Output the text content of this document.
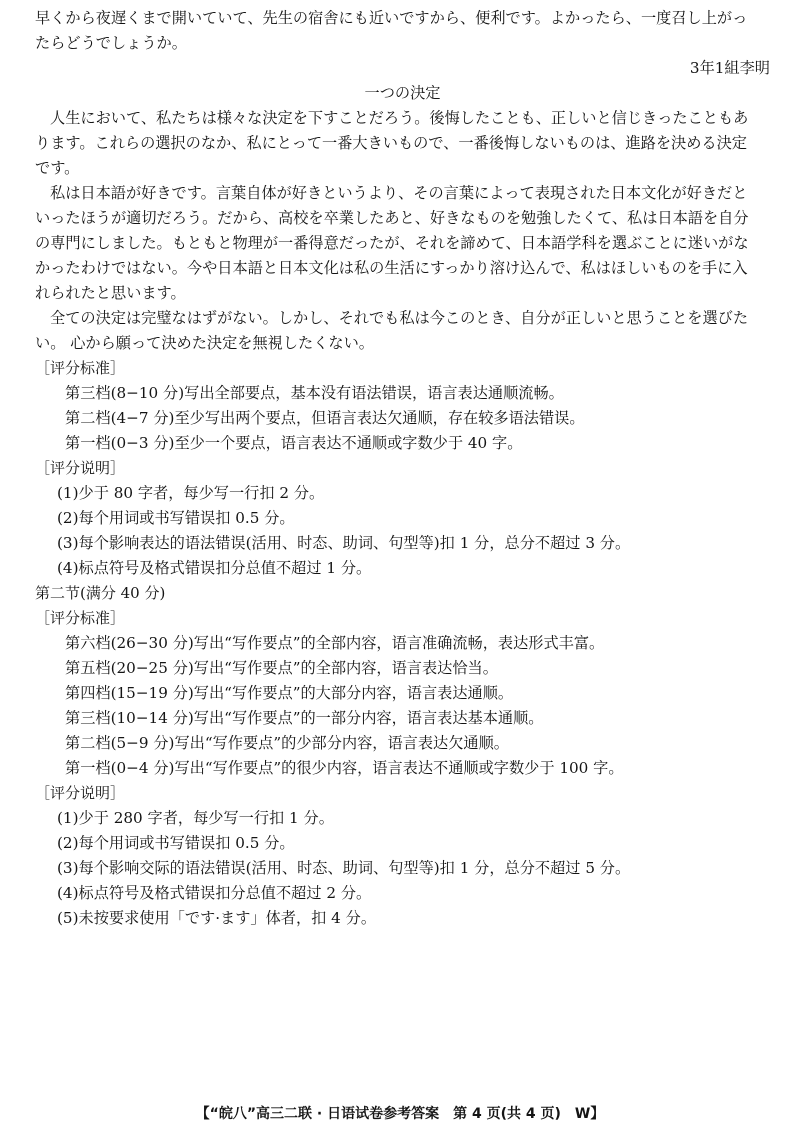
早くから夜遅くまで開いていて、先生の宿舎にも近いですから、便利です。よかったら、一度召し上がっ
たらどうでしょうか。
3年1組李明
一つの決定
人生において、私たちは様々な決定を下すことだろう。後悔したことも、正しいと信じきったこともあ
ります。これらの選択のなか、私にとって一番大きいもので、一番後悔しないものは、進路を決める決定
です。
私は日本語が好きです。言葉自体が好きというより、その言葉によって表現された日本文化が好きだと
いったほうが適切だろう。だから、高校を卒業したあと、好きなものを勉強したくて、私は日本語を自分
の専門にしました。もともと物理が一番得意だったが、それを諦めて、日本語学科を選ぶことに迷いがな
かったわけではない。今や日本語と日本文化は私の生活にすっかり溶け込んで、私はほしいものを手に入
れられたと思います。
全ての決定は完璧なはずがない。しかし、それでも私は今このとき、自分が正しいと思うことを選びた
い。 心から願って決めた決定を無視したくない。
［评分标准］
第三档(8−10 分)写出全部要点，基本没有语法错误，语言表达通顺流畅。
第二档(4−7 分)至少写出两个要点，但语言表达欠通顺，存在较多语法错误。
第一档(0−3 分)至少一个要点，语言表达不通顺或字数少于 40 字。
［评分说明］
(1)少于 80 字者，每少写一行扣 2 分。
(2)每个用词或书写错误扣 0.5 分。
(3)每个影响表达的语法错误(活用、时态、助词、句型等)扣 1 分，总分不超过 3 分。
(4)标点符号及格式错误扣分总值不超过 1 分。
第二节(满分 40 分)
［评分标准］
第六档(26−30 分)写出“写作要点”的全部内容，语言准确流畅，表达形式丰富。
第五档(20−25 分)写出“写作要点”的全部内容，语言表达恰当。
第四档(15−19 分)写出“写作要点”的大部分内容，语言表达通顺。
第三档(10−14 分)写出“写作要点”的一部分内容，语言表达基本通顺。
第二档(5−9 分)写出“写作要点”的少部分内容，语言表达欠通顺。
第一档(0−4 分)写出“写作要点”的很少内容，语言表达不通顺或字数少于 100 字。
［评分说明］
(1)少于 280 字者，每少写一行扣 1 分。
(2)每个用词或书写错误扣 0.5 分。
(3)每个影响交际的语法错误(活用、时态、助词、句型等)扣 1 分，总分不超过 5 分。
(4)标点符号及格式错误扣分总值不超过 2 分。
(5)未按要求使用「です·ます」体者，扣 4 分。
【“皖八”高三二联 · 日语试卷参考答案　第 4 页(共 4 页)　W】
